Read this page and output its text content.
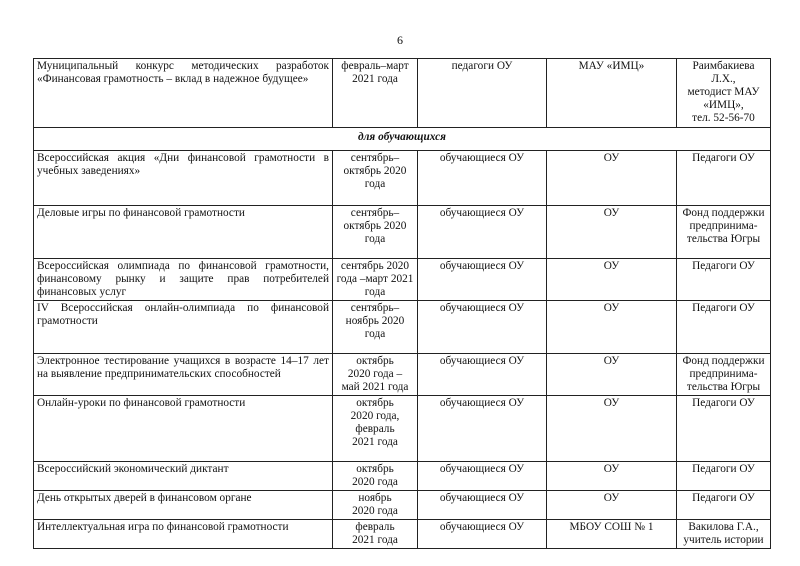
6
Муниципальный конкурс методических разработок «Финансовая грамотность – вклад в надежное будущее»	февраль–март
2021 года	педагоги ОУ	МАУ «ИМЦ»	Раимбакиева
Л.Х.,
методист МАУ
«ИМЦ»,
тел. 52-56-70
для обучающихся				
Всероссийская акция «Дни финансовой грамотности в учебных заведениях»	сентябрь–
октябрь 2020
года	обучающиеся ОУ	ОУ	Педагоги ОУ
Деловые игры по финансовой грамотности	сентябрь–
октябрь 2020
года	обучающиеся ОУ	ОУ	Фонд поддержки
предпринима-
тельства Югры
Всероссийская олимпиада по финансовой грамотности, финансовому рынку и защите прав потребителей финансовых услуг	сентябрь 2020
года –март 2021
года	обучающиеся ОУ	ОУ	Педагоги ОУ
IV Всероссийская онлайн-олимпиада по финансовой грамотности	сентябрь–
ноябрь 2020
года	обучающиеся ОУ	ОУ	Педагоги ОУ
Электронное тестирование учащихся в возрасте 14–17 лет на выявление предпринимательских способностей	октябрь
2020 года –
май 2021 года	обучающиеся ОУ	ОУ	Фонд поддержки
предпринима-
тельства Югры
Онлайн-уроки по финансовой грамотности	октябрь
2020 года,
февраль
2021 года	обучающиеся ОУ	ОУ	Педагоги ОУ
Всероссийский экономический диктант	октябрь
2020 года	обучающиеся ОУ	ОУ	Педагоги ОУ
День открытых дверей в финансовом органе	ноябрь
2020 года	обучающиеся ОУ	ОУ	Педагоги ОУ
Интеллектуальная игра по финансовой грамотности	февраль
2021 года	обучающиеся ОУ	МБОУ СОШ № 1	Вакилова Г.А.,
учитель истории
